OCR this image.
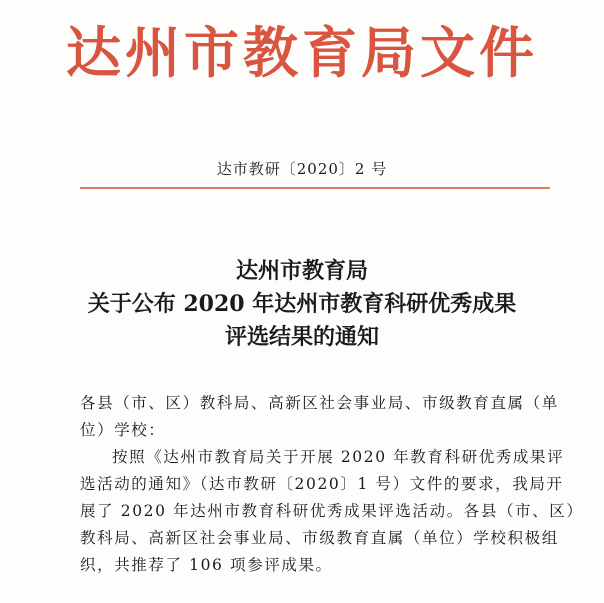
达州市教育局文件
达市教研〔2020〕2 号
达州市教育局
关于公布 2020 年达州市教育科研优秀成果
评选结果的通知
各县（市、区）教科局、高新区社会事业局、市级教育直属（单
位）学校：
按照《达州市教育局关于开展 2020 年教育科研优秀成果评
选活动的通知》（达市教研〔2020〕1 号）文件的要求，我局开
展了 2020 年达州市教育科研优秀成果评选活动。各县（市、区）
教科局、高新区社会事业局、市级教育直属（单位）学校积极组
织，共推荐了 106 项参评成果。
